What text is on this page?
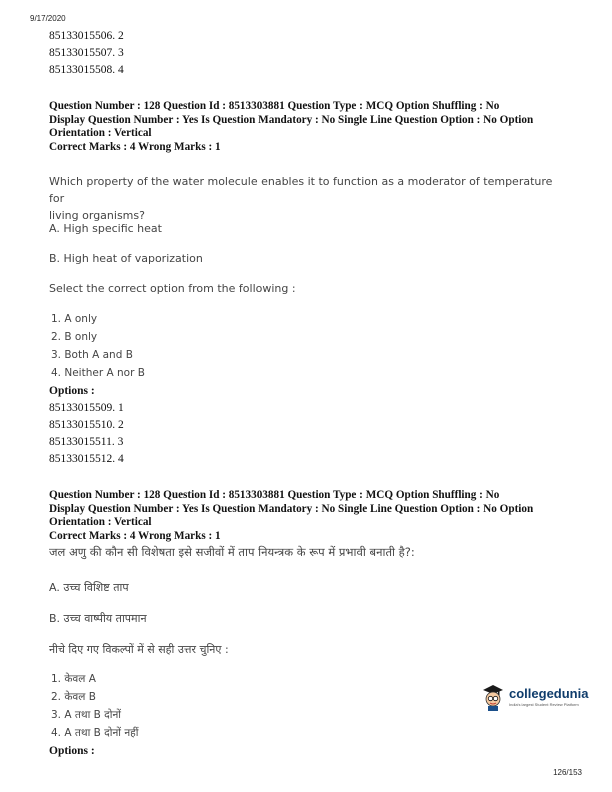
9/17/2020
85133015506. 2
85133015507. 3
85133015508. 4
Question Number : 128 Question Id : 8513303881 Question Type : MCQ Option Shuffling : No
Display Question Number : Yes Is Question Mandatory : No Single Line Question Option : No Option
Orientation : Vertical
Correct Marks : 4 Wrong Marks : 1
Which property of the water molecule enables it to function as a moderator of temperature for
living organisms?
A. High specific heat
B. High heat of vaporization
Select the correct option from the following :
1. A only
2. B only
3. Both A and B
4. Neither A nor B
Options :
85133015509. 1
85133015510. 2
85133015511. 3
85133015512. 4
Question Number : 128 Question Id : 8513303881 Question Type : MCQ Option Shuffling : No
Display Question Number : Yes Is Question Mandatory : No Single Line Question Option : No Option
Orientation : Vertical
Correct Marks : 4 Wrong Marks : 1
जल अणु की कौन सी विशेषता इसे सजीवों में ताप नियन्त्रक के रूप में प्रभावी बनाती है?:
A. उच्च विशिष्ट ताप
B. उच्च वाष्पीय तापमान
नीचे दिए गए विकल्पों में से सही उत्तर चुनिए :
1. केवल A
2. केवल B
3. A तथा B दोनों
4. A तथा B दोनों नहीं
Options :
collegedunia
India's largest Student Review Platform
126/153
